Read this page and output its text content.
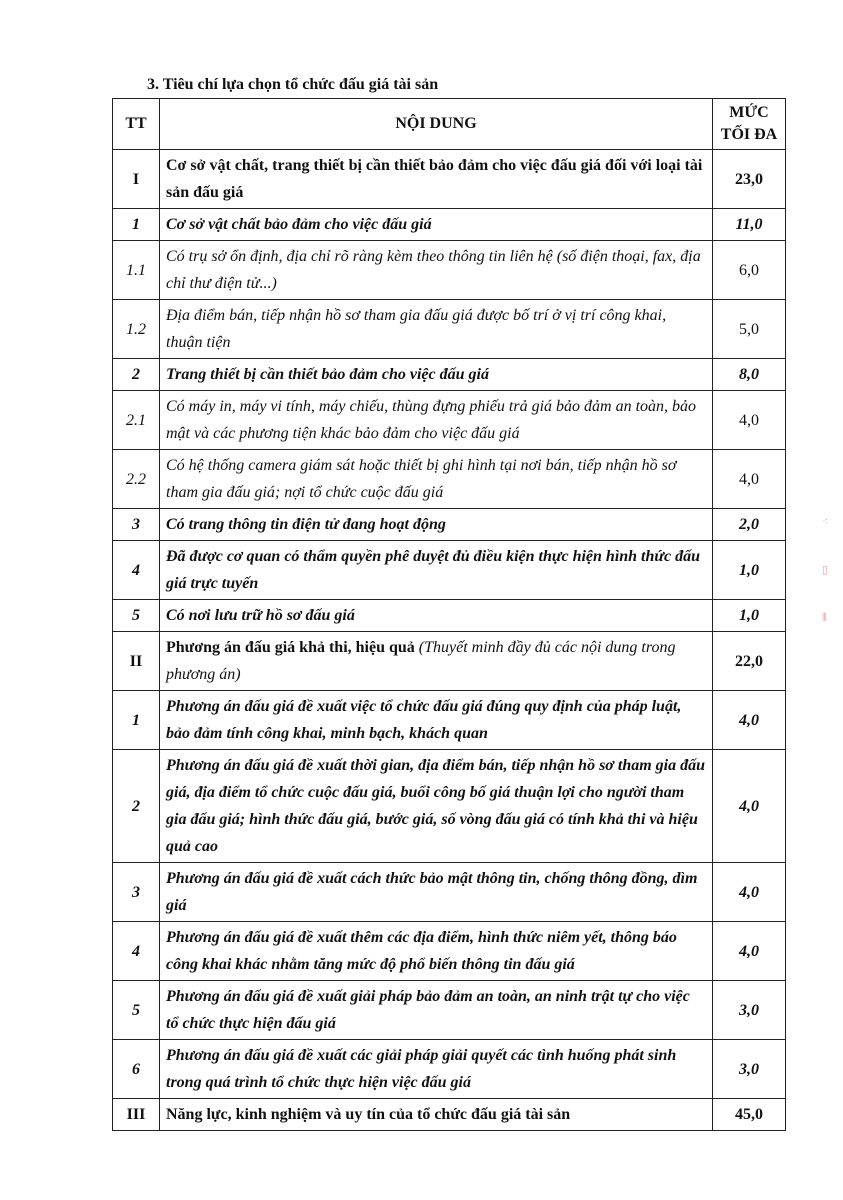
3. Tiêu chí lựa chọn tổ chức đấu giá tài sản

TT	NỘI DUNG	MỨC TỐI ĐA
I	Cơ sở vật chất, trang thiết bị cần thiết bảo đảm cho việc đấu giá đối với loại tài sản đấu giá	23,0
1	Cơ sở vật chất bảo đảm cho việc đấu giá	11,0
1.1	Có trụ sở ổn định, địa chỉ rõ ràng kèm theo thông tin liên hệ (số điện thoại, fax, địa chỉ thư điện tử...)	6,0
1.2	Địa điểm bán, tiếp nhận hồ sơ tham gia đấu giá được bố trí ở vị trí công khai, thuận tiện	5,0
2	Trang thiết bị cần thiết bảo đảm cho việc đấu giá	8,0
2.1	Có máy in, máy vi tính, máy chiếu, thùng đựng phiếu trả giá bảo đảm an toàn, bảo mật và các phương tiện khác bảo đảm cho việc đấu giá	4,0
2.2	Có hệ thống camera giám sát hoặc thiết bị ghi hình tại nơi bán, tiếp nhận hồ sơ tham gia đấu giá; nợi tổ chức cuộc đấu giá	4,0
3	Có trang thông tin điện tử đang hoạt động	2,0
4	Đã được cơ quan có thẩm quyền phê duyệt đủ điều kiện thực hiện hình thức đấu giá trực tuyến	1,0
5	Có nơi lưu trữ hồ sơ đấu giá	1,0
II	Phương án đấu giá khả thi, hiệu quả (Thuyết minh đầy đủ các nội dung trong phương án)	22,0
1	Phương án đấu giá đề xuất việc tổ chức đấu giá đúng quy định của pháp luật, bảo đảm tính công khai, minh bạch, khách quan	4,0
2	Phương án đấu giá đề xuất thời gian, địa điểm bán, tiếp nhận hồ sơ tham gia đấu giá, địa điểm tổ chức cuộc đấu giá, buổi công bố giá thuận lợi cho người tham gia đấu giá; hình thức đấu giá, bước giá, số vòng đấu giá có tính khả thi và hiệu quả cao	4,0
3	Phương án đấu giá đề xuất cách thức bảo mật thông tin, chống thông đồng, dìm giá	4,0
4	Phương án đấu giá đề xuất thêm các địa điểm, hình thức niêm yết, thông báo công khai khác nhằm tăng mức độ phổ biến thông tin đấu giá	4,0
5	Phương án đấu giá đề xuất giải pháp bảo đảm an toàn, an ninh trật tự cho việc tổ chức thực hiện đấu giá	3,0
6	Phương án đấu giá đề xuất các giải pháp giải quyết các tình huống phát sinh trong quá trình tổ chức thực hiện việc đấu giá	3,0
III	Năng lực, kinh nghiệm và uy tín của tổ chức đấu giá tài sản	45,0
⁖
▯
⦀
